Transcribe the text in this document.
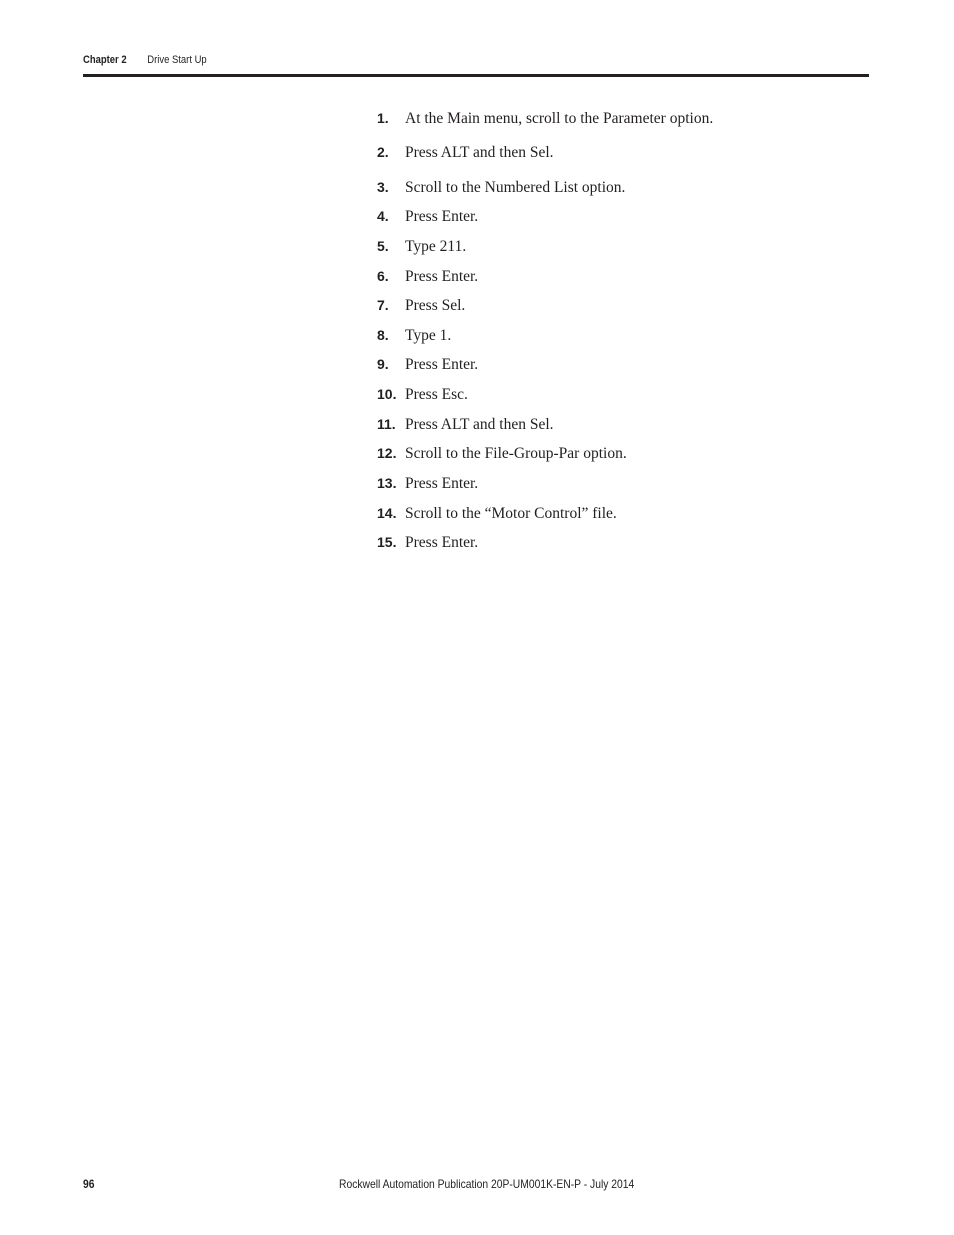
Chapter 2 Drive Start Up
1. At the Main menu, scroll to the Parameter option.
2. Press ALT and then Sel.
3. Scroll to the Numbered List option.
4. Press Enter.
5. Type 211.
6. Press Enter.
7. Press Sel.
8. Type 1.
9. Press Enter.
10. Press Esc.
11. Press ALT and then Sel.
12. Scroll to the File-Group-Par option.
13. Press Enter.
14. Scroll to the “Motor Control” file.
15. Press Enter.
96	Rockwell Automation Publication 20P-UM001K-EN-P - July 2014
